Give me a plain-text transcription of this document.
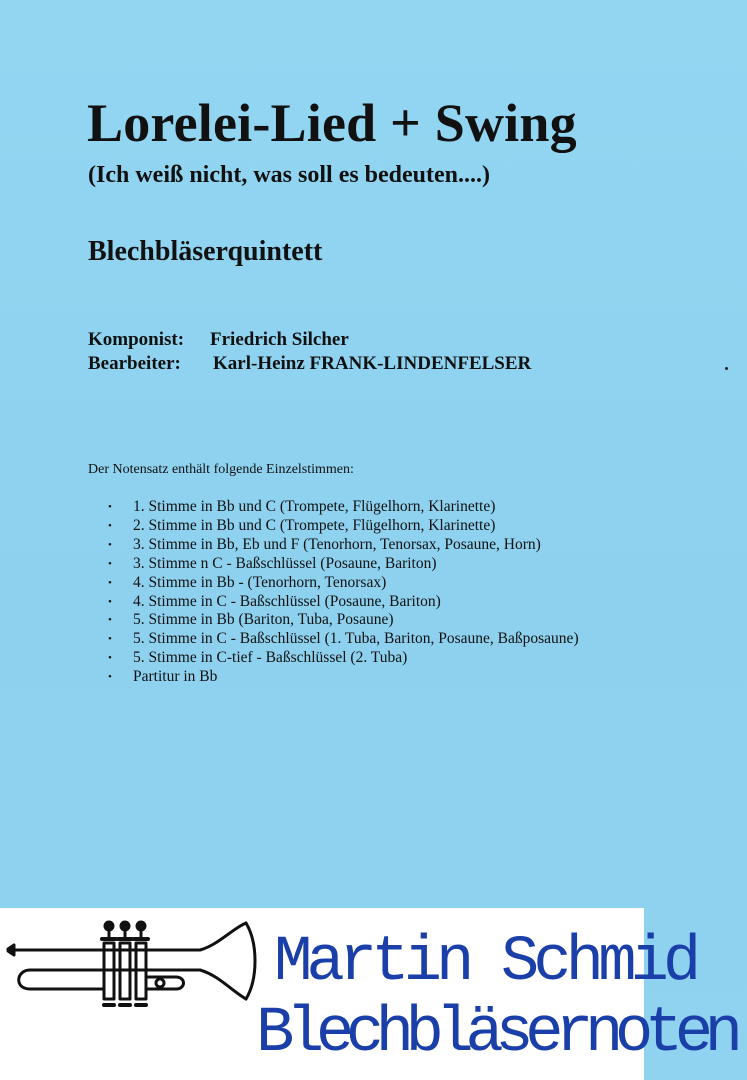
Lorelei-Lied + Swing
(Ich weiß nicht, was soll es bedeuten....)
Blechbläserquintett
Komponist: Friedrich Silcher
Bearbeiter: Karl-Heinz FRANK-LINDENFELSER
Der Notensatz enthält folgende Einzelstimmen:
• 1. Stimme in Bb und C (Trompete, Flügelhorn, Klarinette)
• 2. Stimme in Bb und C (Trompete, Flügelhorn, Klarinette)
• 3. Stimme in Bb, Eb und F (Tenorhorn, Tenorsax, Posaune, Horn)
• 3. Stimme n C - Baßschlüssel (Posaune, Bariton)
• 4. Stimme in Bb - (Tenorhorn, Tenorsax)
• 4. Stimme in C - Baßschlüssel (Posaune, Bariton)
• 5. Stimme in Bb (Bariton, Tuba, Posaune)
• 5. Stimme in C - Baßschlüssel (1. Tuba, Bariton, Posaune, Baßposaune)
• 5. Stimme in C-tief - Baßschlüssel (2. Tuba)
• Partitur in Bb
Martin Schmid
Blechbläsernoten
